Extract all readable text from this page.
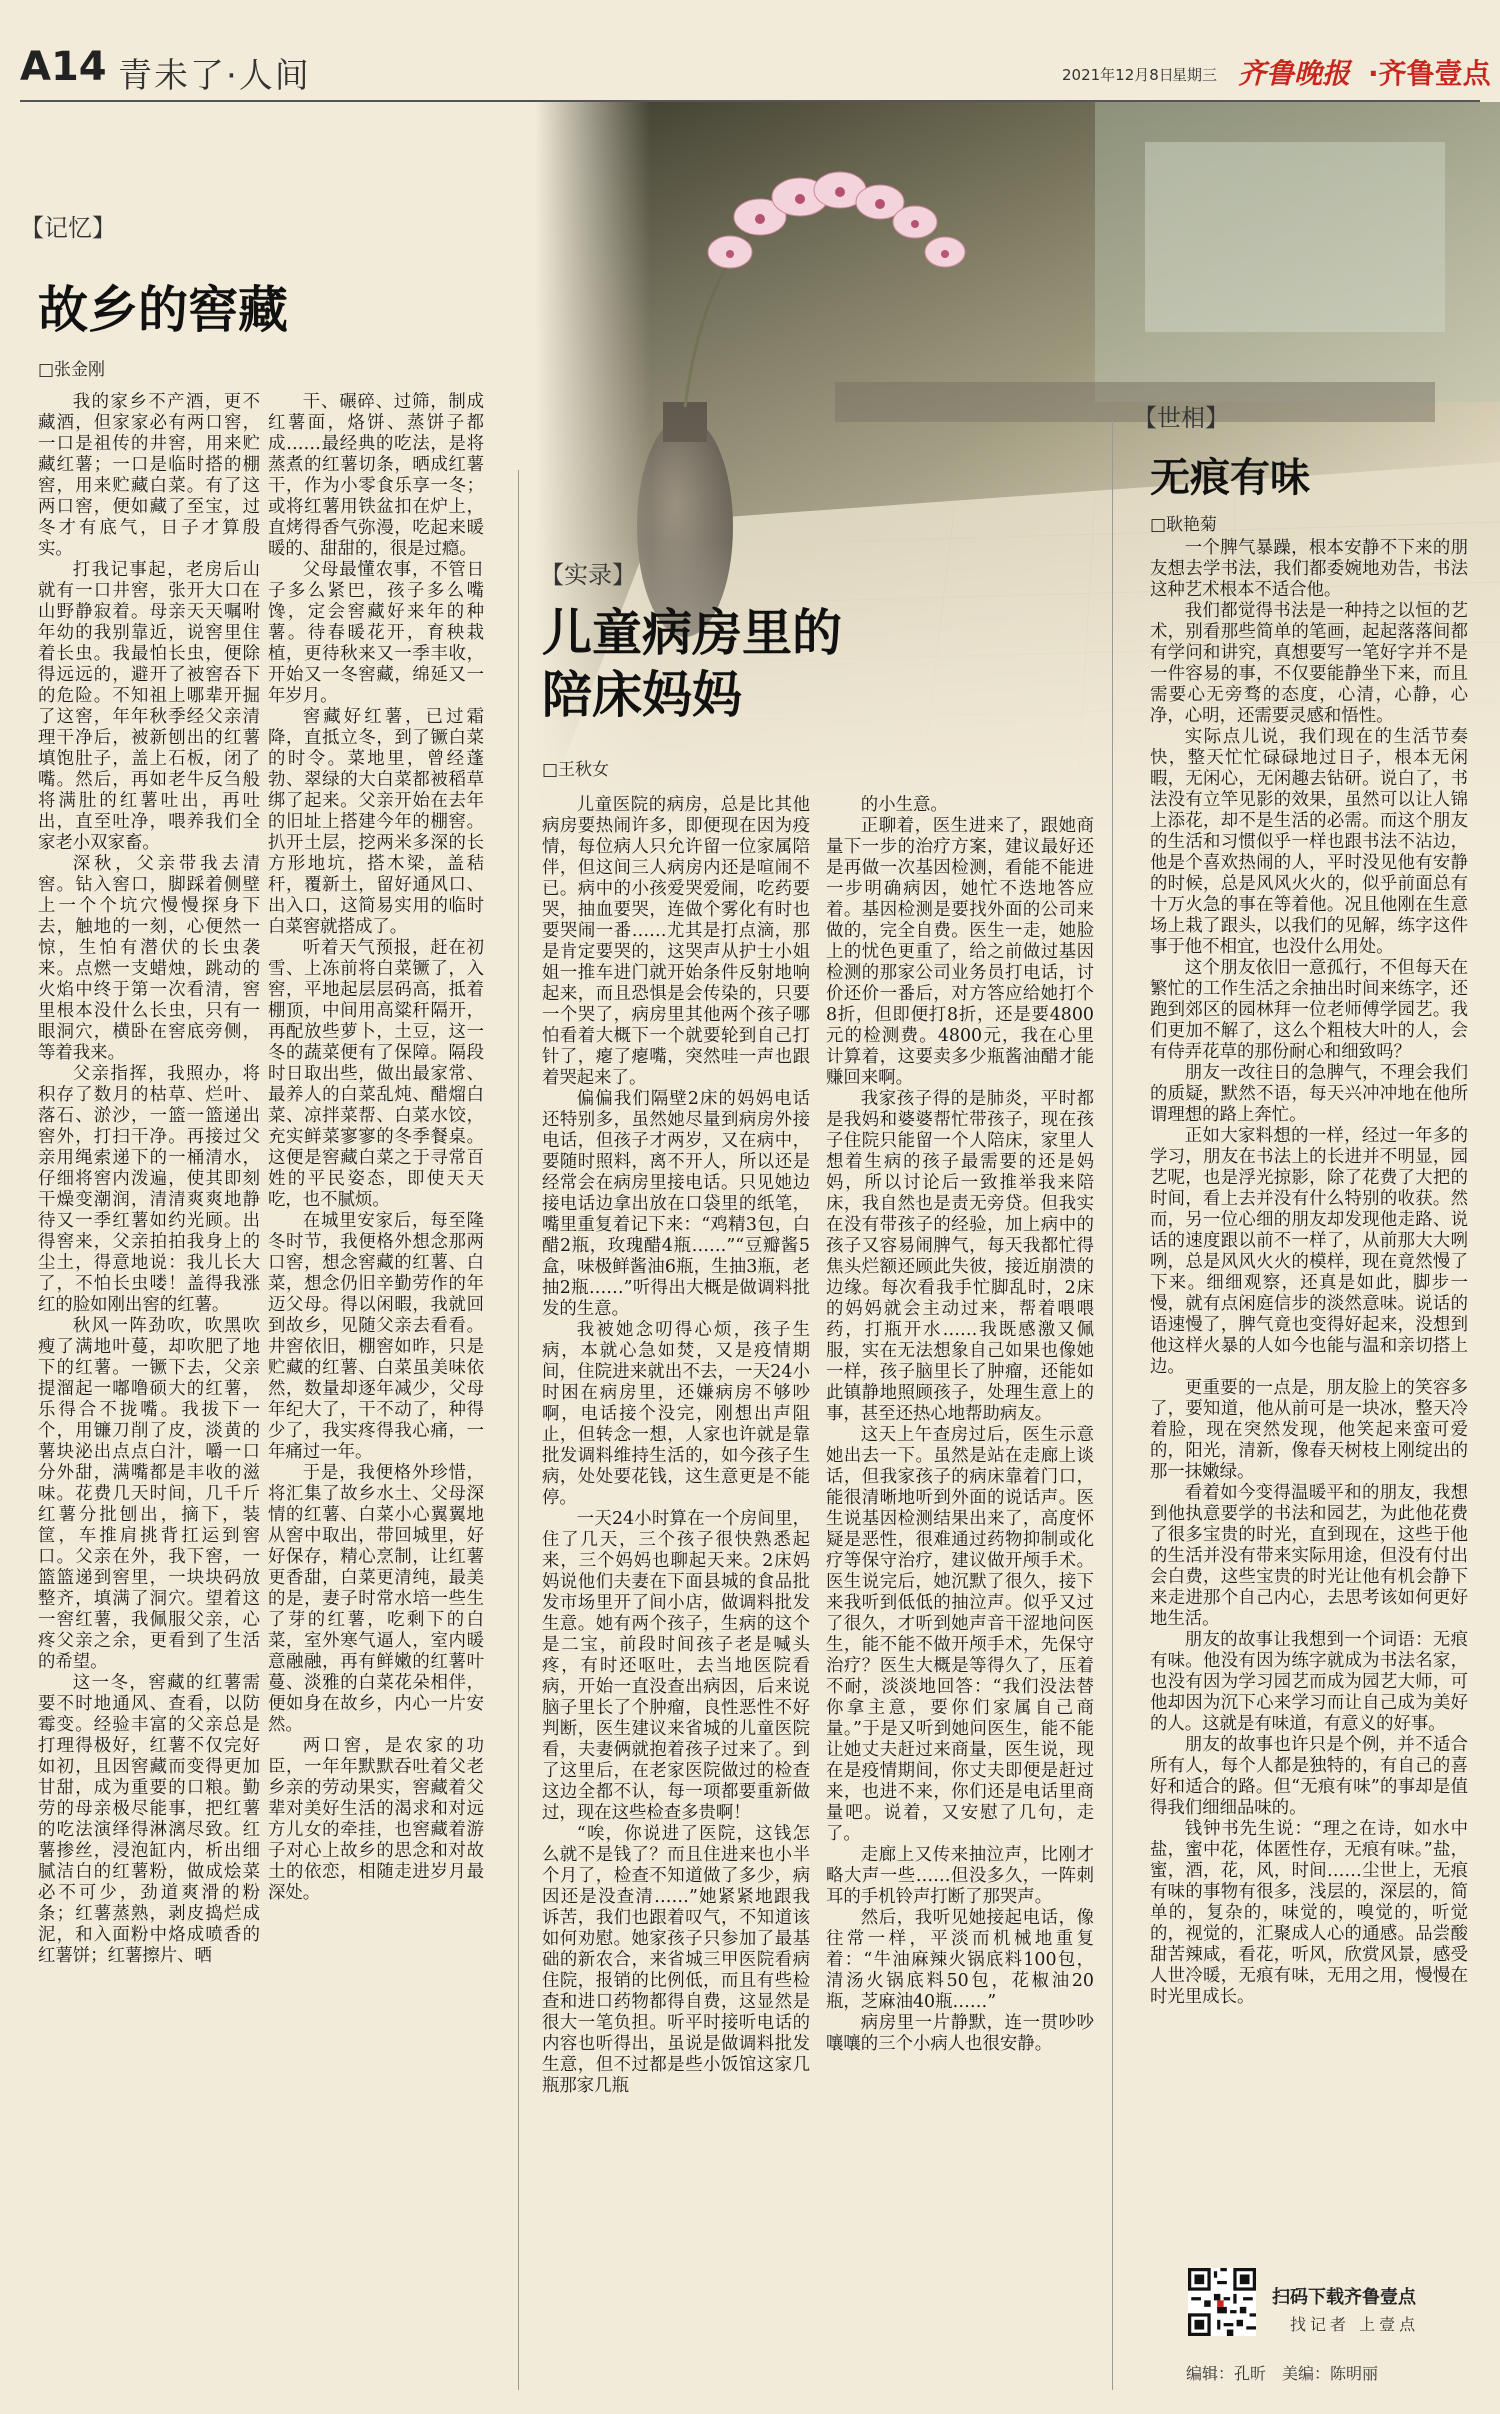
A14 青未了·人间	2021年12月8日
星期三 齐鲁晚报 ·齐鲁壹点
【记忆】
故乡的窖藏
□张金刚

我的家乡不产酒，更不藏酒，但家家必有两口窖，一口是祖传的井窖，用来贮藏红薯；一口是临时搭的棚窖，用来贮藏白菜。有了这两口窖，便如藏了至宝，过冬才有底气，日子才算殷实。

打我记事起，老房后山就有一口井窖，张开大口在山野静寂着。母亲天天嘱咐年幼的我别靠近，说窖里住着长虫。我最怕长虫，便除得远远的，避开了被窖吞下的危险。不知祖上哪辈开掘了这窖，年年秋季经父亲清理干净后，被新刨出的红薯填饱肚子，盖上石板，闭了嘴。然后，再如老牛反刍般将满肚的红薯吐出，再吐出，直至吐净，喂养我们全家老小双家畜。

深秋，父亲带我去清窖。钻入窖口，脚踩着侧壁上一个个坑穴慢慢探身下去，触地的一刻，心便然一惊，生怕有潜伏的长虫袭来。点燃一支蜡烛，跳动的火焰中终于第一次看清，窖里根本没什么长虫，只有一眼洞穴，横卧在窖底旁侧，等着我来。

父亲指挥，我照办，将积存了数月的枯草、烂叶、落石、淤沙，一篮一篮递出窖外，打扫干净。再接过父亲用绳索递下的一桶清水，仔细将窖内泼遍，使其即刻干燥变潮润，清清爽爽地静待又一季红薯如约光顾。出得窖来，父亲拍拍我身上的尘土，得意地说：我儿长大了，不怕长虫喽！盖得我涨红的脸如刚出窖的红薯。

秋风一阵劲吹，吹黑吹瘦了满地叶蔓，却吹肥了地下的红薯。一镢下去，父亲提溜起一嘟噜硕大的红薯，乐得合不拢嘴。我拔下一个，用镰刀削了皮，淡黄的薯块泌出点点白汁，嚼一口分外甜，满嘴都是丰收的滋味。花费几天时间，几千斤红薯分批刨出，摘下，装筐，车推肩挑背扛运到窖口。父亲在外，我下窖，一篮篮递到窖里，一块块码放整齐，填满了洞穴。望着这一窖红薯，我佩服父亲，心疼父亲之余，更看到了生活的希望。

这一冬，窖藏的红薯需要不时地通风、查看，以防霉变。经验丰富的父亲总是打理得极好，红薯不仅完好如初，且因窖藏而变得更加甘甜，成为重要的口粮。勤劳的母亲极尽能事，把红薯的吃法演绎得淋漓尽致。红薯掺丝，浸泡缸内，析出细腻洁白的红薯粉，做成烩菜必不可少，劲道爽滑的粉条；红薯蒸熟，剥皮捣烂成泥，和入面粉中烙成喷香的红薯饼；红薯擦片、晒

干、碾碎、过筛，制成红薯面，烙饼、蒸饼子都成……最经典的吃法，是将蒸煮的红薯切条，晒成红薯干，作为小零食乐享一冬；或将红薯用铁盆扣在炉上，直烤得香气弥漫，吃起来暖暖的、甜甜的，很是过瘾。

父母最懂农事，不管日子多么紧巴，孩子多么嘴馋，定会窖藏好来年的种薯。待春暖花开，育秧栽植，更待秋来又一季丰收，开始又一冬窖藏，绵延又一年岁月。

窖藏好红薯，已过霜降，直抵立冬，到了镢白菜的时令。菜地里，曾经蓬勃、翠绿的大白菜都被稻草绑了起来。父亲开始在去年的旧址上搭建今年的棚窖。扒开土层，挖两米多深的长方形地坑，搭木梁，盖秸秆，覆新土，留好通风口、出入口，这简易实用的临时白菜窖就搭成了。

听着天气预报，赶在初雪、上冻前将白菜镢了，入窖，平地起层层码高，抵着棚顶，中间用高粱秆隔开，再配放些萝卜，土豆，这一冬的蔬菜便有了保障。隔段时日取出些，做出最家常、最养人的白菜乱炖、醋熘白菜、凉拌菜帮、白菜水饺，充实鲜菜寥寥的冬季餐桌。这便是窖藏白菜之于寻常百姓的平民姿态，即使天天吃，也不腻烦。

在城里安家后，每至隆冬时节，我便格外想念那两口窖，想念窖藏的红薯、白菜，想念仍旧辛勤劳作的年迈父母。得以闲暇，我就回到故乡，见随父亲去看看。井窖依旧，棚窖如昨，只是贮藏的红薯、白菜虽美味依然，数量却逐年减少，父母年纪大了，干不动了，种得少了，我实疼得我心痛，一年痛过一年。

于是，我便格外珍惜，将汇集了故乡水土、父母深情的红薯、白菜小心翼翼地从窖中取出，带回城里，好好保存，精心烹制，让红薯更香甜，白菜更清纯，最美的是，妻子时常水培一些生了芽的红薯，吃剩下的白菜，室外寒气逼人，室内暖意融融，再有鲜嫩的红薯叶蔓、淡雅的白菜花朵相伴，便如身在故乡，内心一片安然。

两口窖，是农家的功臣，一年年默默吞吐着父老乡亲的劳动果实，窖藏着父辈对美好生活的渴求和对远方儿女的牵挂，也窖藏着游子对心上故乡的思念和对故土的依恋，相随走进岁月最深处。

【实录】
儿童病房里的
陪床妈妈
□王秋女

儿童医院的病房，总是比其他病房要热闹许多，即便现在因为疫情，每位病人只允许留一位家属陪伴，但这间三人病房内还是喧闹不已。病中的小孩爱哭爱闹，吃药要哭，抽血要哭，连做个雾化有时也要哭闹一番……尤其是打点滴，那是肯定要哭的，这哭声从护士小姐姐一推车进门就开始条件反射地响起来，而且恐惧是会传染的，只要一个哭了，病房里其他两个孩子哪怕看着大概下一个就要轮到自己打针了，瘪了瘪嘴，突然哇一声也跟着哭起来了。

偏偏我们隔壁2床的妈妈电话还特别多，虽然她尽量到病房外接电话，但孩子才两岁，又在病中，要随时照料，离不开人，所以还是经常会在病房里接电话。只见她边接电话边拿出放在口袋里的纸笔，嘴里重复着记下来：“鸡精3包，白醋2瓶，玫瑰醋4瓶……”“豆瓣酱5盒，味极鲜酱油6瓶，生抽3瓶，老抽2瓶……”听得出大概是做调料批发的生意。

我被她念叨得心烦，孩子生病，本就心急如焚，又是疫情期间，住院进来就出不去，一天24小时困在病房里，还嫌病房不够吵啊，电话接个没完，刚想出声阻止，但转念一想，人家也许就是靠批发调料维持生活的，如今孩子生病，处处要花钱，这生意更是不能停。

一天24小时算在一个房间里，住了几天，三个孩子很快熟悉起来，三个妈妈也聊起天来。2床妈妈说他们夫妻在下面县城的食品批发市场里开了间小店，做调料批发生意。她有两个孩子，生病的这个是二宝，前段时间孩子老是喊头疼，有时还呕吐，去当地医院看病，开始一直没查出病因，后来说脑子里长了个肿瘤，良性恶性不好判断，医生建议来省城的儿童医院看，夫妻俩就抱着孩子过来了。到了这里后，在老家医院做过的检查这边全都不认，每一项都要重新做过，现在这些检查多贵啊！

“唉，你说进了医院，这钱怎么就不是钱了？而且住进来也小半个月了，检查不知道做了多少，病因还是没查清……”她紧紧地跟我诉苦，我们也跟着叹气，不知道该如何劝慰。她家孩子只参加了最基础的新农合，来省城三甲医院看病住院，报销的比例低，而且有些检查和进口药物都得自费，这显然是很大一笔负担。听平时接听电话的内容也听得出，虽说是做调料批发生意，但不过都是些小饭馆这家几瓶那家几瓶

的小生意。

正聊着，医生进来了，跟她商量下一步的治疗方案，建议最好还是再做一次基因检测，看能不能进一步明确病因，她忙不迭地答应着。基因检测是要找外面的公司来做的，完全自费。医生一走，她脸上的忧色更重了，给之前做过基因检测的那家公司业务员打电话，讨价还价一番后，对方答应给她打个8折，但即便打8折，还是要4800元的检测费。4800元，我在心里计算着，这要卖多少瓶酱油醋才能赚回来啊。

我家孩子得的是肺炎，平时都是我妈和婆婆帮忙带孩子，现在孩子住院只能留一个人陪床，家里人想着生病的孩子最需要的还是妈妈，所以讨论后一致推举我来陪床，我自然也是责无旁贷。但我实在没有带孩子的经验，加上病中的孩子又容易闹脾气，每天我都忙得焦头烂额还顾此失彼，接近崩溃的边缘。每次看我手忙脚乱时，2床的妈妈就会主动过来，帮着喂喂药，打瓶开水……我既感激又佩服，实在无法想象自己如果也像她一样，孩子脑里长了肿瘤，还能如此镇静地照顾孩子，处理生意上的事，甚至还热心地帮助病友。

这天上午查房过后，医生示意她出去一下。虽然是站在走廊上谈话，但我家孩子的病床靠着门口，能很清晰地听到外面的说话声。医生说基因检测结果出来了，高度怀疑是恶性，很难通过药物抑制或化疗等保守治疗，建议做开颅手术。医生说完后，她沉默了很久，接下来我听到低低的抽泣声。似乎又过了很久，才听到她声音干涩地问医生，能不能不做开颅手术，先保守治疗？医生大概是等得久了，压着不耐，淡淡地回答：“我们没法替你拿主意，要你们家属自己商量。”于是又听到她问医生，能不能让她丈夫赶过来商量，医生说，现在是疫情期间，你丈夫即便是赶过来，也进不来，你们还是电话里商量吧。说着，又安慰了几句，走了。

走廊上又传来抽泣声，比刚才略大声一些……但没多久，一阵刺耳的手机铃声打断了那哭声。

然后，我听见她接起电话，像往常一样，平淡而机械地重复着：“牛油麻辣火锅底料100包，清汤火锅底料50包，花椒油20瓶，芝麻油40瓶……”

病房里一片静默，连一贯吵吵嚷嚷的三个小病人也很安静。

【世相】
无痕有味
□耿艳菊

一个脾气暴躁，根本安静不下来的朋友想去学书法，我们都委婉地劝告，书法这种艺术根本不适合他。

我们都觉得书法是一种持之以恒的艺术，别看那些简单的笔画，起起落落间都有学问和讲究，真想要写一笔好字并不是一件容易的事，不仅要能静坐下来，而且需要心无旁骛的态度，心清，心静，心净，心明，还需要灵感和悟性。

实际点儿说，我们现在的生活节奏快，整天忙忙碌碌地过日子，根本无闲暇，无闲心，无闲趣去钻研。说白了，书法没有立竿见影的效果，虽然可以让人锦上添花，却不是生活的必需。而这个朋友的生活和习惯似乎一样也跟书法不沾边，他是个喜欢热闹的人，平时没见他有安静的时候，总是风风火火的，似乎前面总有十万火急的事在等着他。况且他刚在生意场上栽了跟头，以我们的见解，练字这件事于他不相宜，也没什么用处。

这个朋友依旧一意孤行，不但每天在繁忙的工作生活之余抽出时间来练字，还跑到郊区的园林拜一位老师傅学园艺。我们更加不解了，这么个粗枝大叶的人，会有侍弄花草的那份耐心和细致吗？

朋友一改往日的急脾气，不理会我们的质疑，默然不语，每天兴冲冲地在他所谓理想的路上奔忙。

正如大家料想的一样，经过一年多的学习，朋友在书法上的长进并不明显，园艺呢，也是浮光掠影，除了花费了大把的时间，看上去并没有什么特别的收获。然而，另一位心细的朋友却发现他走路、说话的速度跟以前不一样了，从前那大大咧咧，总是风风火火的模样，现在竟然慢了下来。细细观察，还真是如此，脚步一慢，就有点闲庭信步的淡然意味。说话的语速慢了，脾气竟也变得好起来，没想到他这样火暴的人如今也能与温和亲切搭上边。

更重要的一点是，朋友脸上的笑容多了，要知道，他从前可是一块冰，整天冷着脸，现在突然发现，他笑起来蛮可爱的，阳光，清新，像春天树枝上刚绽出的那一抹嫩绿。

看着如今变得温暖平和的朋友，我想到他执意要学的书法和园艺，为此他花费了很多宝贵的时光，直到现在，这些于他的生活并没有带来实际用途，但没有付出会白费，这些宝贵的时光让他有机会静下来走进那个自己内心，去思考该如何更好地生活。

朋友的故事让我想到一个词语：无痕有味。他没有因为练字就成为书法名家，也没有因为学习园艺而成为园艺大师，可他却因为沉下心来学习而让自己成为美好的人。这就是有味道，有意义的好事。

朋友的故事也许只是个例，并不适合所有人，每个人都是独特的，有自己的喜好和适合的路。但“无痕有味”的事却是值得我们细细品味的。

钱钟书先生说：“理之在诗，如水中盐，蜜中花，体匿性存，无痕有味。”盐，蜜，酒，花，风，时间……尘世上，无痕有味的事物有很多，浅层的，深层的，简单的，复杂的，味觉的，嗅觉的，听觉的，视觉的，汇聚成人心的通感。品尝酸甜苦辣咸，看花，听风，欣赏风景，感受人世冷暖，无痕有味，无用之用，慢慢在时光里成长。

扫码下载齐鲁壹点
找记者 上壹点
编辑：孔昕　美编：陈明丽
